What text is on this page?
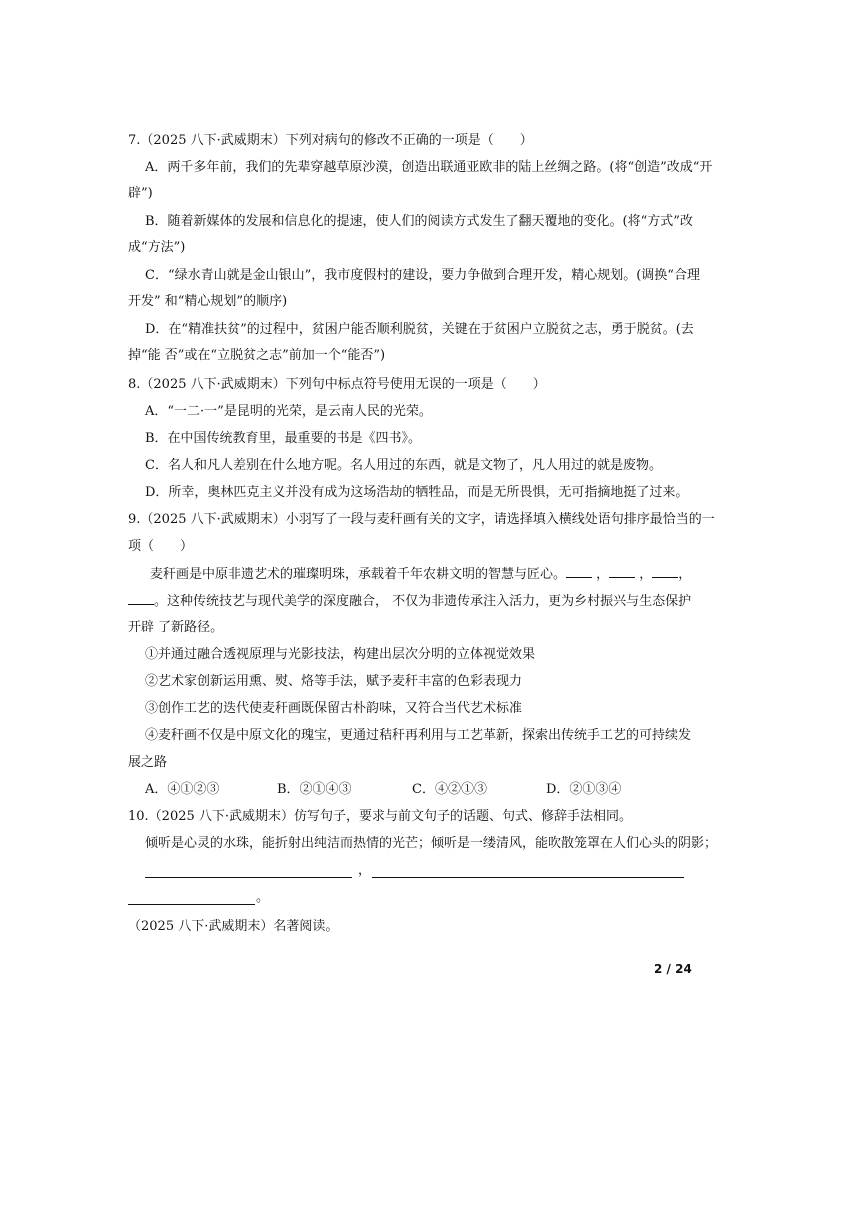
7.（2025 八下·武威期末）下列对病句的修改不正确的一项是（　　）
A．两千多年前，我们的先辈穿越草原沙漠，创造出联通亚欧非的陆上丝绸之路。(将“创造”改成“开
辟”)
B．随着新媒体的发展和信息化的提速，使人们的阅读方式发生了翻天覆地的变化。(将“方式”改
成“方法”)
C．“绿水青山就是金山银山”，我市度假村的建设，要力争做到合理开发，精心规划。(调换“合理
开发” 和“精心规划”的顺序)
D．在“精准扶贫”的过程中，贫困户能否顺利脱贫，关键在于贫困户立脱贫之志，勇于脱贫。(去
掉“能 否”或在“立脱贫之志”前加一个“能否”)
8.（2025 八下·武威期末）下列句中标点符号使用无误的一项是（　　）
A．“一二·一”是昆明的光荣，是云南人民的光荣。
B．在中国传统教育里，最重要的书是《四书》。
C．名人和凡人差别在什么地方呢。名人用过的东西，就是文物了，凡人用过的就是废物。
D．所幸，奥林匹克主义并没有成为这场浩劫的牺牲品，而是无所畏惧，无可指摘地挺了过来。
9.（2025 八下·武威期末）小羽写了一段与麦秆画有关的文字，请选择填入横线处语句排序最恰当的一
项（　　）
麦秆画是中原非遗艺术的璀璨明珠，承载着千年农耕文明的智慧与匠心。 ， ， ，
。这种传统技艺与现代美学的深度融合， 不仅为非遗传承注入活力，更为乡村振兴与生态保护
开辟 了新路径。
①并通过融合透视原理与光影技法，构建出层次分明的立体视觉效果
②艺术家创新运用熏、熨、烙等手法，赋予麦秆丰富的色彩表现力
③创作工艺的迭代使麦秆画既保留古朴韵味，又符合当代艺术标准
④麦秆画不仅是中原文化的瑰宝，更通过秸秆再利用与工艺革新，探索出传统手工艺的可持续发
展之路
A．④①②③	B．②①④③	C．④②①③	D．②①③④
10.（2025 八下·武威期末）仿写句子，要求与前文句子的话题、句式、修辞手法相同。
倾听是心灵的水珠，能折射出纯洁而热情的光芒；倾听是一缕清风，能吹散笼罩在人们心头的阴影；
，
。
（2025 八下·武威期末）名著阅读。
2 / 24
